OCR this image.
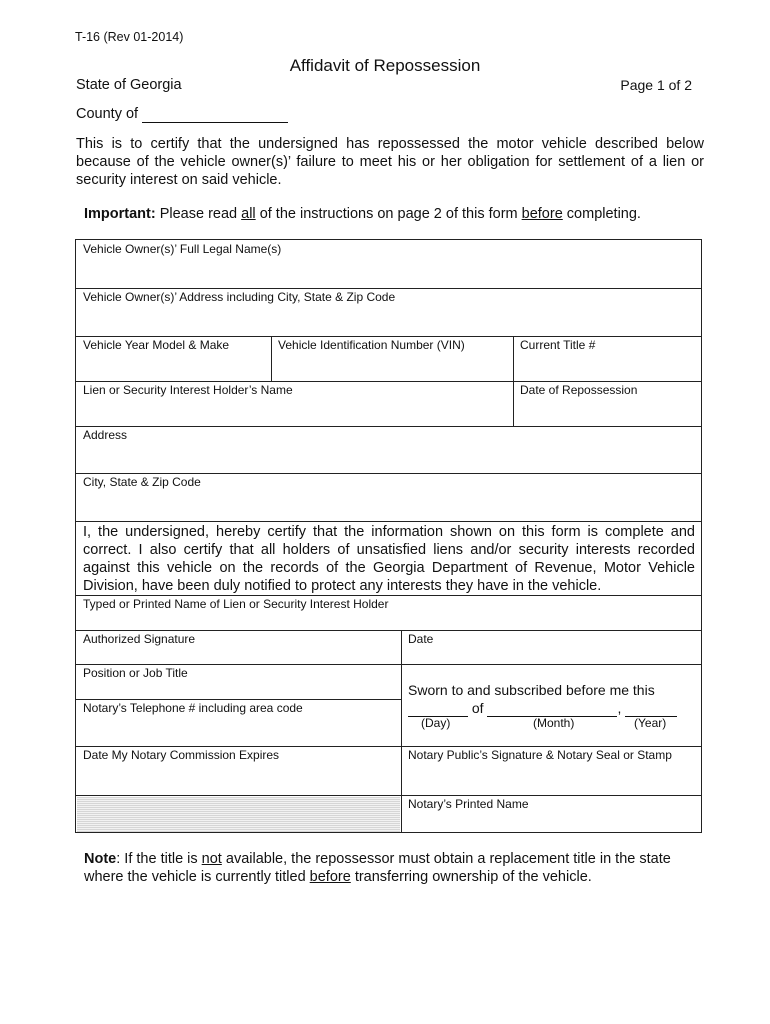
T-16 (Rev 01-2014)
Affidavit of Repossession
State of Georgia	Page 1 of 2
County of
This is to certify that the undersigned has repossessed the motor vehicle described below because of the vehicle owner(s)’ failure to meet his or her obligation for settlement of a lien or security interest on said vehicle.
Important: Please read all of the instructions on page 2 of this form before completing.
Vehicle Owner(s)’ Full Legal Name(s)
Vehicle Owner(s)’ Address including City, State & Zip Code
Vehicle Year Model & Make	Vehicle Identification Number (VIN)	Current Title #
Lien or Security Interest Holder’s Name	Date of Repossession
Address
City, State & Zip Code
I, the undersigned, hereby certify that the information shown on this form is complete and correct. I also certify that all holders of unsatisfied liens and/or security interests recorded against this vehicle on the records of the Georgia Department of Revenue, Motor Vehicle Division, have been duly notified to protect any interests they have in the vehicle.
Typed or Printed Name of Lien or Security Interest Holder
Authorized Signature	Date
Position or Job Title
Notary’s Telephone # including area code
Sworn to and subscribed before me this
of	,
(Day)	(Month)	(Year)
Date My Notary Commission Expires	Notary Public’s Signature & Notary Seal or Stamp
Notary’s Printed Name
Note: If the title is not available, the repossessor must obtain a replacement title in the state where the vehicle is currently titled before transferring ownership of the vehicle.
